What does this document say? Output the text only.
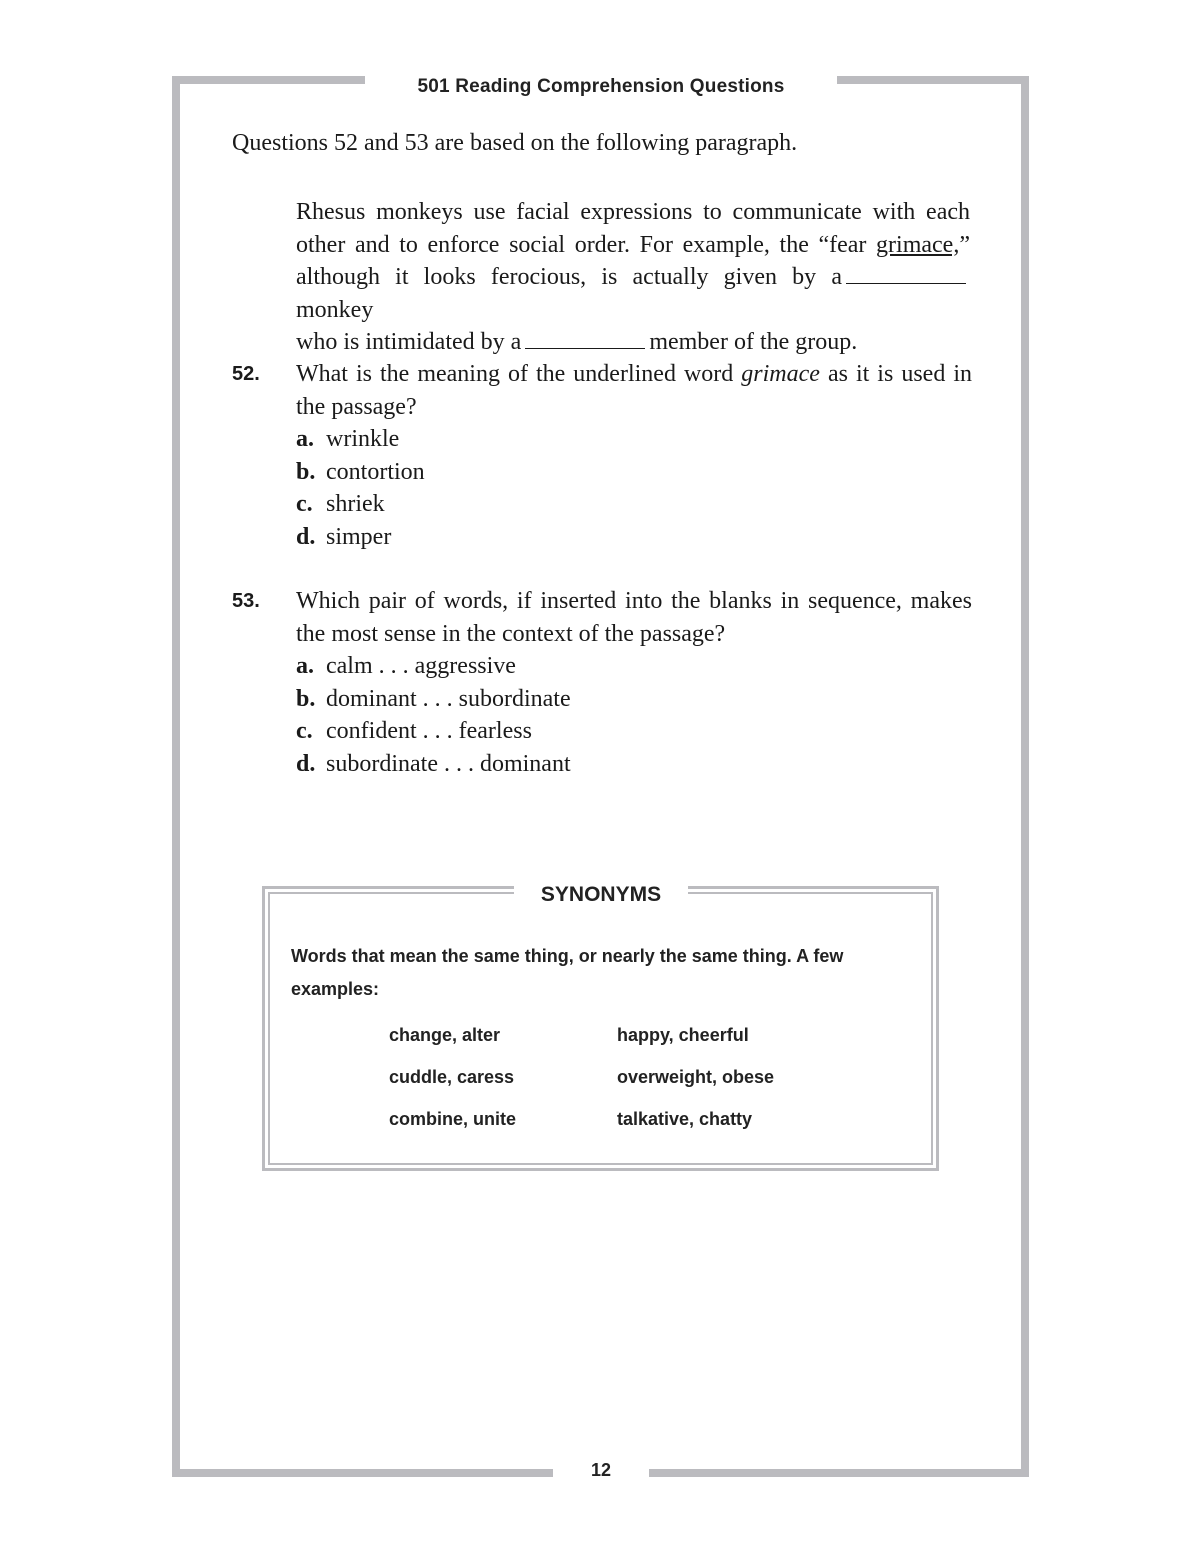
501 Reading Comprehension Questions
Questions 52 and 53 are based on the following paragraph.
Rhesus monkeys use facial expressions to communicate with each
other and to enforce social order. For example, the “fear grimace,”
although it looks ferocious, is actually given by amonkey
who is intimidated by a	member of the group.
52. What is the meaning of the underlined word grimace as it is used in
the passage?
a. wrinkle
b. contortion
c. shriek
d. simper
53. Which pair of words, if inserted into the blanks in sequence, makes
the most sense in the context of the passage?
a. calm . . . aggressive
b. dominant . . . subordinate
c. confident . . . fearless
d. subordinate . . . dominant
SYNONYMS
Words that mean the same thing, or nearly the same thing. A few examples:
change, alter
cuddle, caress
combine, unite
happy, cheerful
overweight, obese
talkative, chatty
12
